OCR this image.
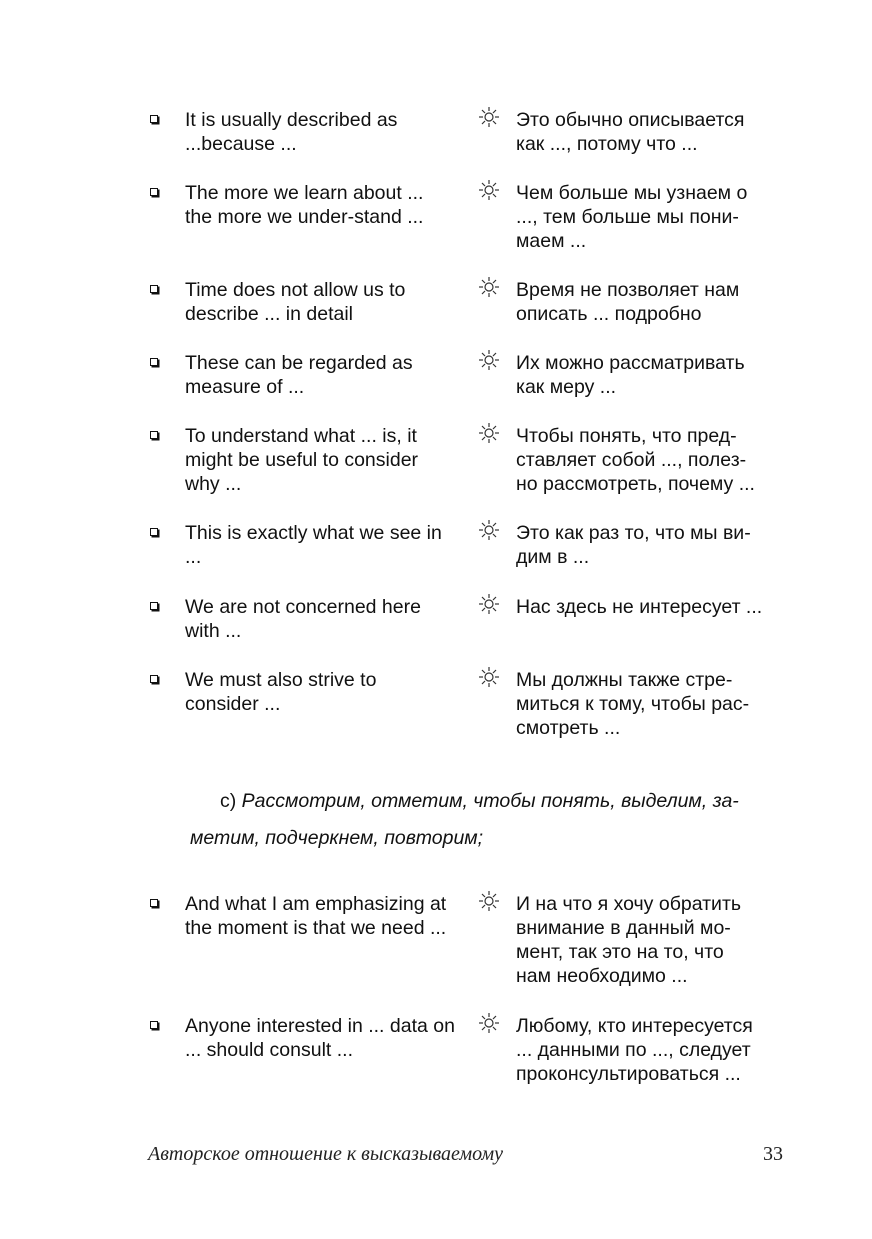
It is usually described as
...because ...
Это обычно описывается
как ..., потому что ...
The more we learn about ...
the more we under-stand ...
Чем больше мы узнаем о
..., тем больше мы пони-
маем ...
Time does not allow us to
describe ... in detail
Время не позволяет нам
описать ... подробно
These can be regarded as
measure of ...
Их можно рассматривать
как меру ...
To understand what ... is, it
might be useful to consider
why ...
Чтобы понять, что пред-
ставляет собой ..., полез-
но рассмотреть, почему ...
This is exactly what we see in
...
Это как раз то, что мы ви-
дим в ...
We are not concerned here
with ...
Нас здесь не интересует ...
We must also strive to
consider ...
Мы должны также стре-
миться к тому, чтобы рас-
смотреть ...
c) Рассмотрим, отметим, чтобы понять, выделим, за-
метим, подчеркнем, повторим;
And what I am emphasizing at
the moment is that we need ...
И на что я хочу обратить
внимание в данный мо-
мент, так это на то, что
нам необходимо ...
Anyone interested in ... data on
... should consult ...
Любому, кто интересуется
... данными по ..., следует
проконсультироваться ...
Авторское отношение к высказываемому	33
